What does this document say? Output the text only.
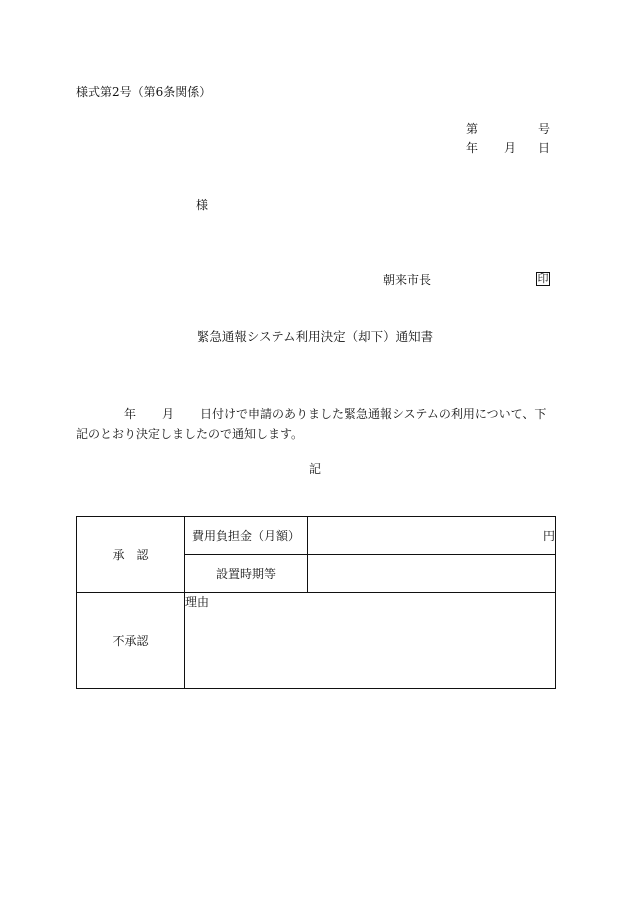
様式第2号（第6条関係）
第	号
年 月 日
様
朝来市長	印
緊急通報システム利用決定（却下）通知書
年 月 日付けで申請のありました緊急通報システムの利用について、下記のとおり決定しましたので通知します。
記
承　認	費用負担金（月額）	円
	設置時期等	
不承認	理由	
